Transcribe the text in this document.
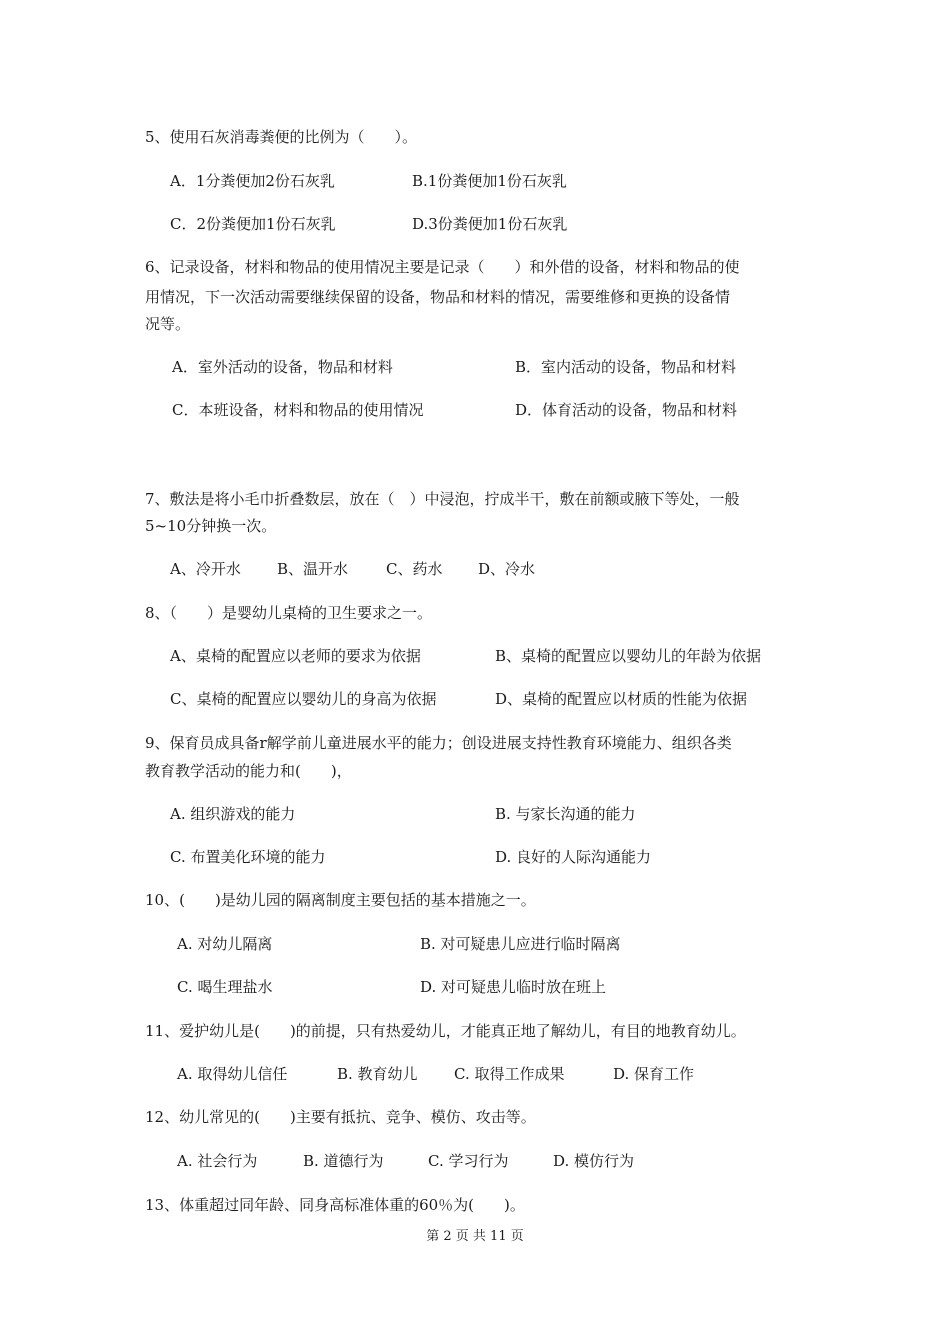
5、使用石灰消毒粪便的比例为（　　）。
A．1分粪便加2份石灰乳	B.1份粪便加1份石灰乳
C．2份粪便加1份石灰乳	D.3份粪便加1份石灰乳
6、记录设备，材料和物品的使用情况主要是记录（　　）和外借的设备，材料和物品的使
用情况，下一次活动需要继续保留的设备，物品和材料的情况，需要维修和更换的设备情
况等。
A．室外活动的设备，物品和材料	B．室内活动的设备，物品和材料
C．本班设备，材料和物品的使用情况	D．体育活动的设备，物品和材料
7、敷法是将小毛巾折叠数层，放在（　）中浸泡，拧成半干，敷在前额或腋下等处，一般
5~10分钟换一次。
A、冷开水 B、温开水	C、药水 D、冷水
8、（　　）是婴幼儿桌椅的卫生要求之一。
A、桌椅的配置应以老师的要求为依据	B、桌椅的配置应以婴幼儿的年龄为依据
C、桌椅的配置应以婴幼儿的身高为依据	D、桌椅的配置应以材质的性能为依据
9、保育员成具备r解学前儿童进展水平的能力；创设进展支持性教育环境能力、组织各类
教育教学活动的能力和(　　)，
A. 组织游戏的能力	B. 与家长沟通的能力
C. 布置美化环境的能力	D. 良好的人际沟通能力
10、(　　)是幼儿园的隔离制度主要包括的基本措施之一。
A. 对幼儿隔离	B. 对可疑患儿应进行临时隔离
C. 喝生理盐水	D. 对可疑患儿临时放在班上
11、爱护幼儿是(　　)的前提，只有热爱幼儿，才能真正地了解幼儿，有目的地教育幼儿。
A. 取得幼儿信任	B. 教育幼儿 C. 取得工作成果	D. 保育工作
12、幼儿常见的(　　)主要有抵抗、竞争、模仿、攻击等。
A. 社会行为	B. 道德行为	C. 学习行为	D. 模仿行为
13、体重超过同年龄、同身高标准体重的60％为(　　)。
第 2 页 共 11 页
